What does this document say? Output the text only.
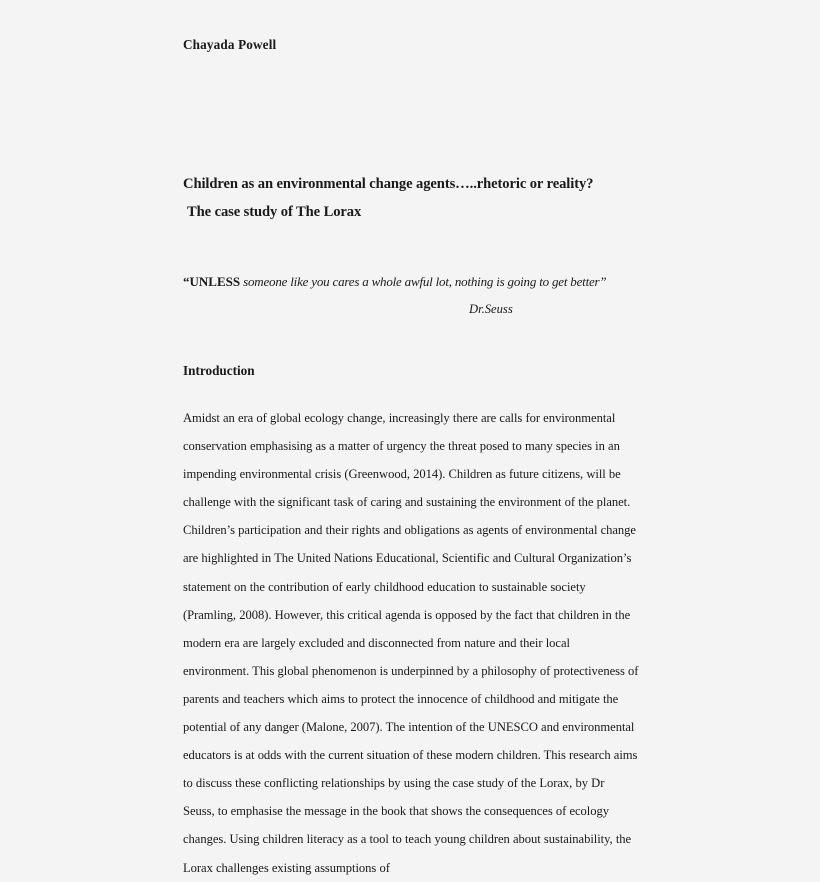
Chayada Powell
Children as an environmental change agents…..rhetoric or reality?
The case study of The Lorax
“UNLESS someone like you cares a whole awful lot, nothing is going to get better”
Dr.Seuss
Introduction
Amidst an era of global ecology change, increasingly there are calls for environmental conservation emphasising as a matter of urgency the threat posed to many species in an impending environmental crisis (Greenwood, 2014). Children as future citizens, will be challenge with the significant task of caring and sustaining the environment of the planet. Children’s participation and their rights and obligations as agents of environmental change are highlighted in The United Nations Educational, Scientific and Cultural Organization’s statement on the contribution of early childhood education to sustainable society (Pramling, 2008). However, this critical agenda is opposed by the fact that children in the modern era are largely excluded and disconnected from nature and their local environment. This global phenomenon is underpinned by a philosophy of protectiveness of parents and teachers which aims to protect the innocence of childhood and mitigate the potential of any danger (Malone, 2007). The intention of the UNESCO and environmental educators is at odds with the current situation of these modern children. This research aims to discuss these conflicting relationships by using the case study of the Lorax, by Dr Seuss, to emphasise the message in the book that shows the consequences of ecology changes. Using children literacy as a tool to teach young children about sustainability, the Lorax challenges existing assumptions of
